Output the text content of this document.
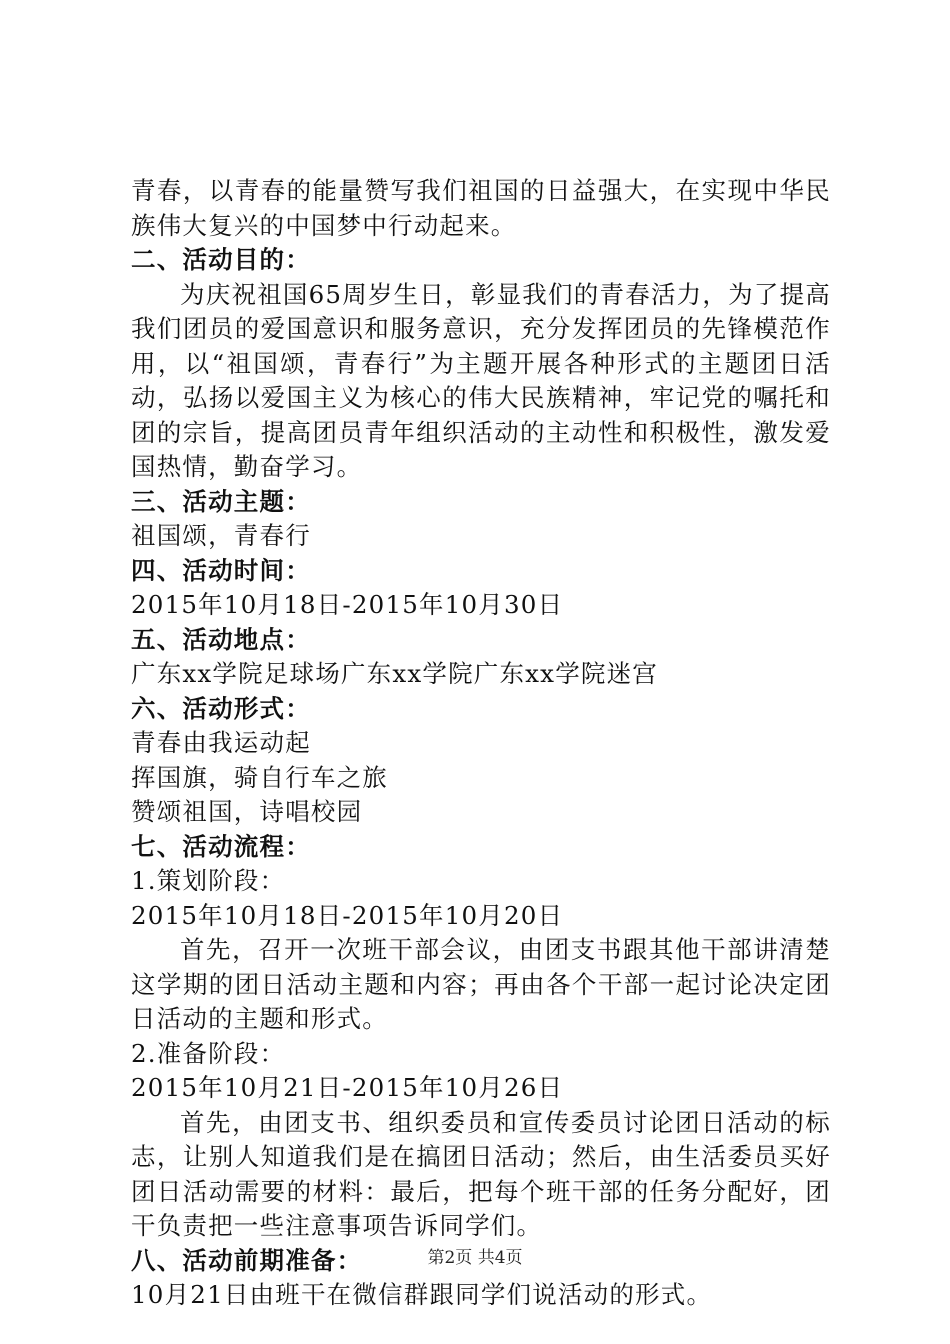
青春，以青春的能量赞写我们祖国的日益强大，在实现中华民族伟大复兴的中国梦中行动起来。

二、活动目的：

为庆祝祖国65周岁生日，彰显我们的青春活力，为了提高我们团员的爱国意识和服务意识，充分发挥团员的先锋模范作用，以“祖国颂，青春行”为主题开展各种形式的主题团日活动，弘扬以爱国主义为核心的伟大民族精神，牢记党的嘱托和团的宗旨，提高团员青年组织活动的主动性和积极性，激发爱国热情，勤奋学习。

三、活动主题：

祖国颂，青春行

四、活动时间：

2015年10月18日-2015年10月30日

五、活动地点：

广东xx学院足球场广东xx学院广东xx学院迷宫

六、活动形式：

青春由我运动起

挥国旗，骑自行车之旅

赞颂祖国，诗唱校园

七、活动流程：

1.策划阶段：

2015年10月18日-2015年10月20日

首先，召开一次班干部会议，由团支书跟其他干部讲清楚这学期的团日活动主题和内容；再由各个干部一起讨论决定团日活动的主题和形式。

2.准备阶段：

2015年10月21日-2015年10月26日

首先，由团支书、组织委员和宣传委员讨论团日活动的标志，让别人知道我们是在搞团日活动；然后，由生活委员买好团日活动需要的材料：最后，把每个班干部的任务分配好，团干负责把一些注意事项告诉同学们。

八、活动前期准备：

10月21日由班干在微信群跟同学们说活动的形式。

第2页 共4页
